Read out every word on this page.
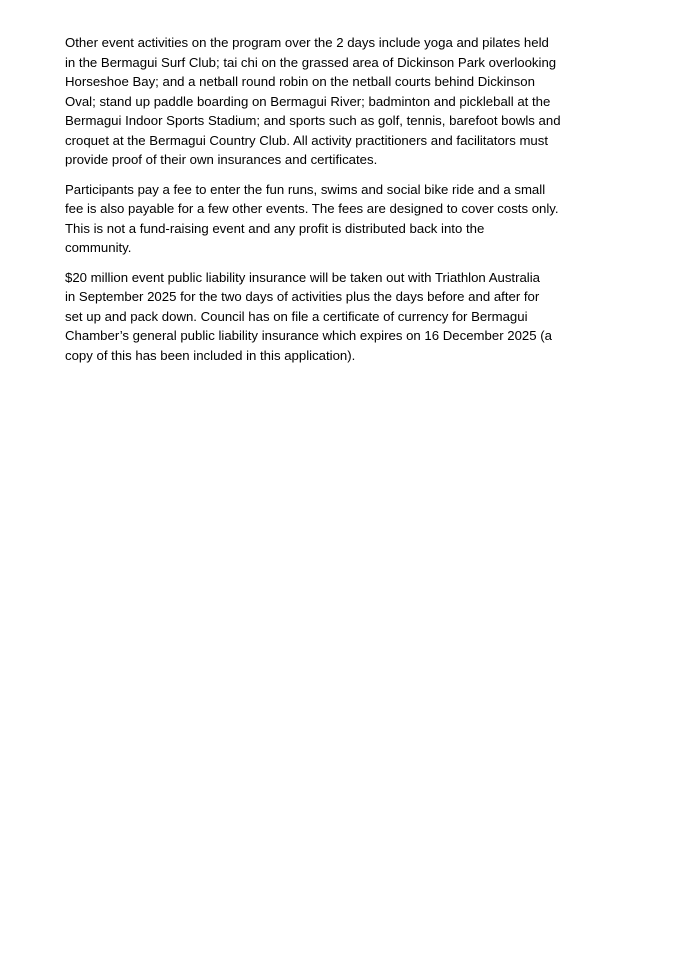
Other event activities on the program over the 2 days include yoga and pilates held
in the Bermagui Surf Club; tai chi on the grassed area of Dickinson Park overlooking
Horseshoe Bay; and a netball round robin on the netball courts behind Dickinson
Oval; stand up paddle boarding on Bermagui River; badminton and pickleball at the
Bermagui Indoor Sports Stadium; and sports such as golf, tennis, barefoot bowls and
croquet at the Bermagui Country Club. All activity practitioners and facilitators must
provide proof of their own insurances and certificates.

Participants pay a fee to enter the fun runs, swims and social bike ride and a small
fee is also payable for a few other events. The fees are designed to cover costs only.
This is not a fund-raising event and any profit is distributed back into the
community.

$20 million event public liability insurance will be taken out with Triathlon Australia
in September 2025 for the two days of activities plus the days before and after for
set up and pack down. Council has on file a certificate of currency for Bermagui
Chamber’s general public liability insurance which expires on 16 December 2025 (a
copy of this has been included in this application).
